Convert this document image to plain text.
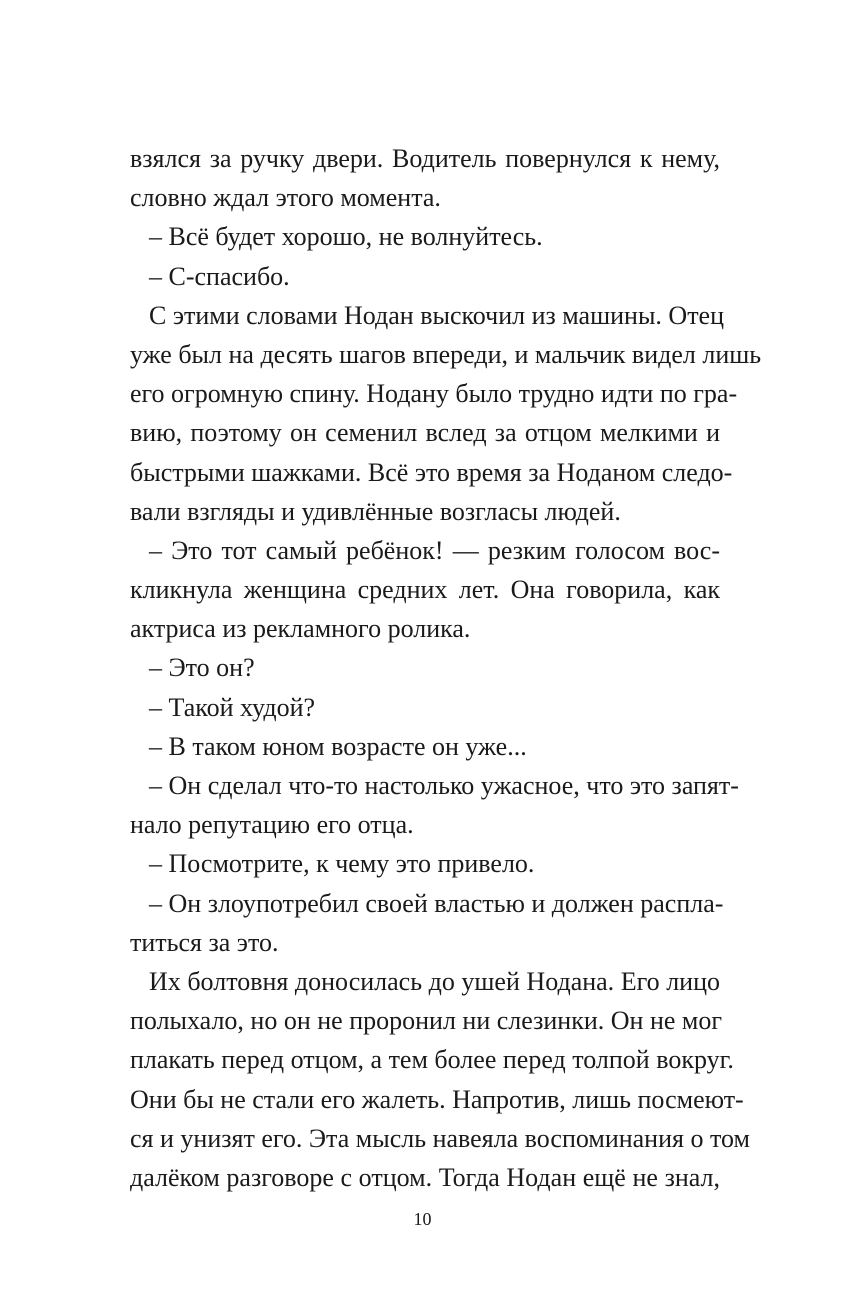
взялся за ручку двери. Водитель повернулся к нему,
словно ждал этого момента.
– Всё будет хорошо, не волнуйтесь.
– С-спасибо.
С этими словами Нодан выскочил из машины. Отец
уже был на десять шагов впереди, и мальчик видел лишь
его огромную спину. Нодану было трудно идти по гра-
вию, поэтому он семенил вслед за отцом мелкими и
быстрыми шажками. Всё это время за Ноданом следо-
вали взгляды и удивлённые возгласы людей.
– Это тот самый ребёнок! — резким голосом вос-
кликнула женщина средних лет. Она говорила, как
актриса из рекламного ролика.
– Это он?
– Такой худой?
– В таком юном возрасте он уже...
– Он сделал что-то настолько ужасное, что это запят-
нало репутацию его отца.
– Посмотрите, к чему это привело.
– Он злоупотребил своей властью и должен распла-
титься за это.
Их болтовня доносилась до ушей Нодана. Его лицо
полыхало, но он не проронил ни слезинки. Он не мог
плакать перед отцом, а тем более перед толпой вокруг.
Они бы не стали его жалеть. Напротив, лишь посмеют-
ся и унизят его. Эта мысль навеяла воспоминания о том
далёком разговоре с отцом. Тогда Нодан ещё не знал,
10
